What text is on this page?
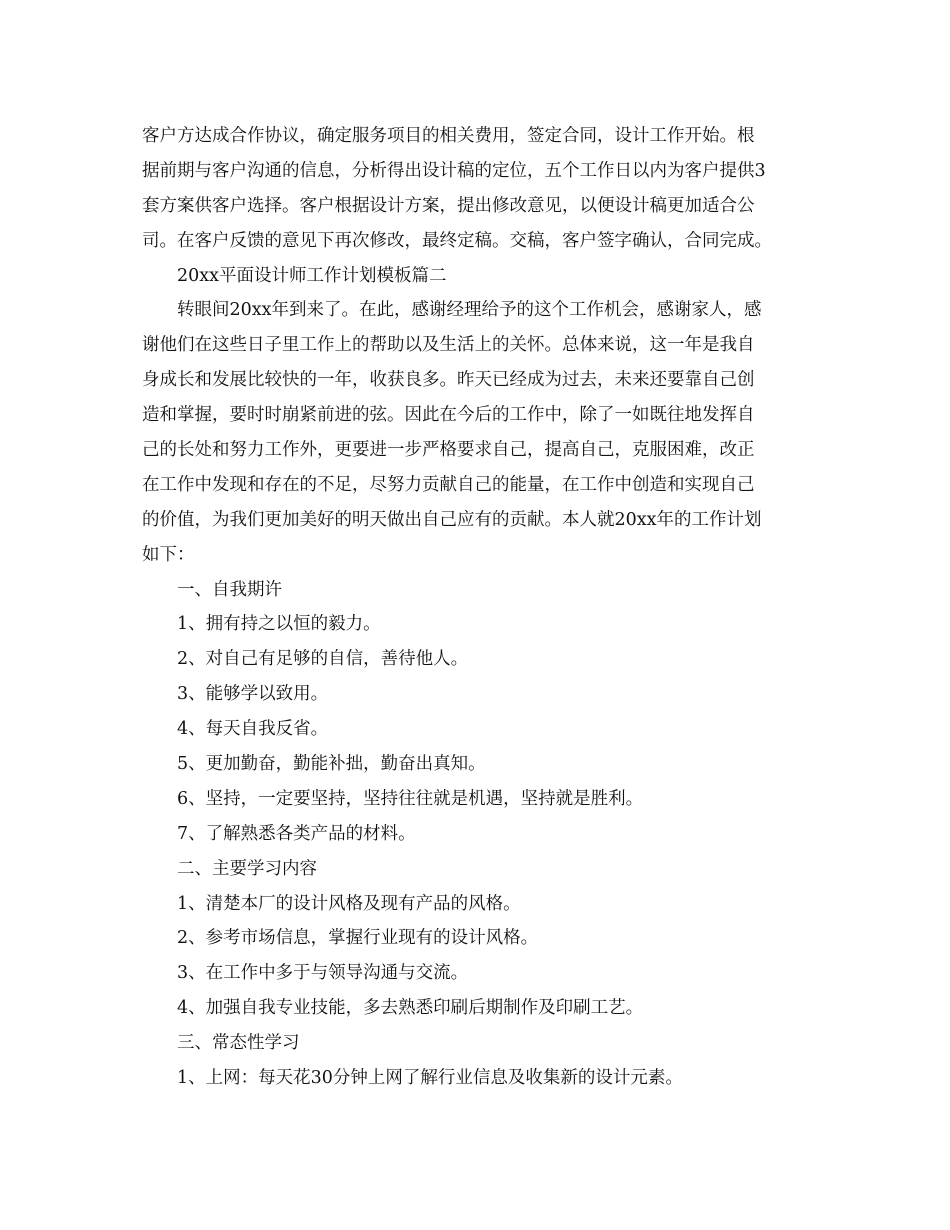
客户方达成合作协议，确定服务项目的相关费用，签定合同，设计工作开始。根
据前期与客户沟通的信息，分析得出设计稿的定位，五个工作日以内为客户提供3
套方案供客户选择。客户根据设计方案，提出修改意见，以便设计稿更加适合公
司。在客户反馈的意见下再次修改，最终定稿。交稿，客户签字确认，合同完成。
20xx平面设计师工作计划模板篇二
转眼间20xx年到来了。在此，感谢经理给予的这个工作机会，感谢家人，感
谢他们在这些日子里工作上的帮助以及生活上的关怀。总体来说，这一年是我自
身成长和发展比较快的一年，收获良多。昨天已经成为过去，未来还要靠自己创
造和掌握，要时时崩紧前进的弦。因此在今后的工作中，除了一如既往地发挥自
己的长处和努力工作外，更要进一步严格要求自己，提高自己，克服困难，改正
在工作中发现和存在的不足，尽努力贡献自己的能量，在工作中创造和实现自己
的价值，为我们更加美好的明天做出自己应有的贡献。本人就20xx年的工作计划
如下：
一、自我期许
1、拥有持之以恒的毅力。
2、对自己有足够的自信，善待他人。
3、能够学以致用。
4、每天自我反省。
5、更加勤奋，勤能补拙，勤奋出真知。
6、坚持，一定要坚持，坚持往往就是机遇，坚持就是胜利。
7、了解熟悉各类产品的材料。
二、主要学习内容
1、清楚本厂的设计风格及现有产品的风格。
2、参考市场信息，掌握行业现有的设计风格。
3、在工作中多于与领导沟通与交流。
4、加强自我专业技能，多去熟悉印刷后期制作及印刷工艺。
三、常态性学习
1、上网：每天花30分钟上网了解行业信息及收集新的设计元素。
